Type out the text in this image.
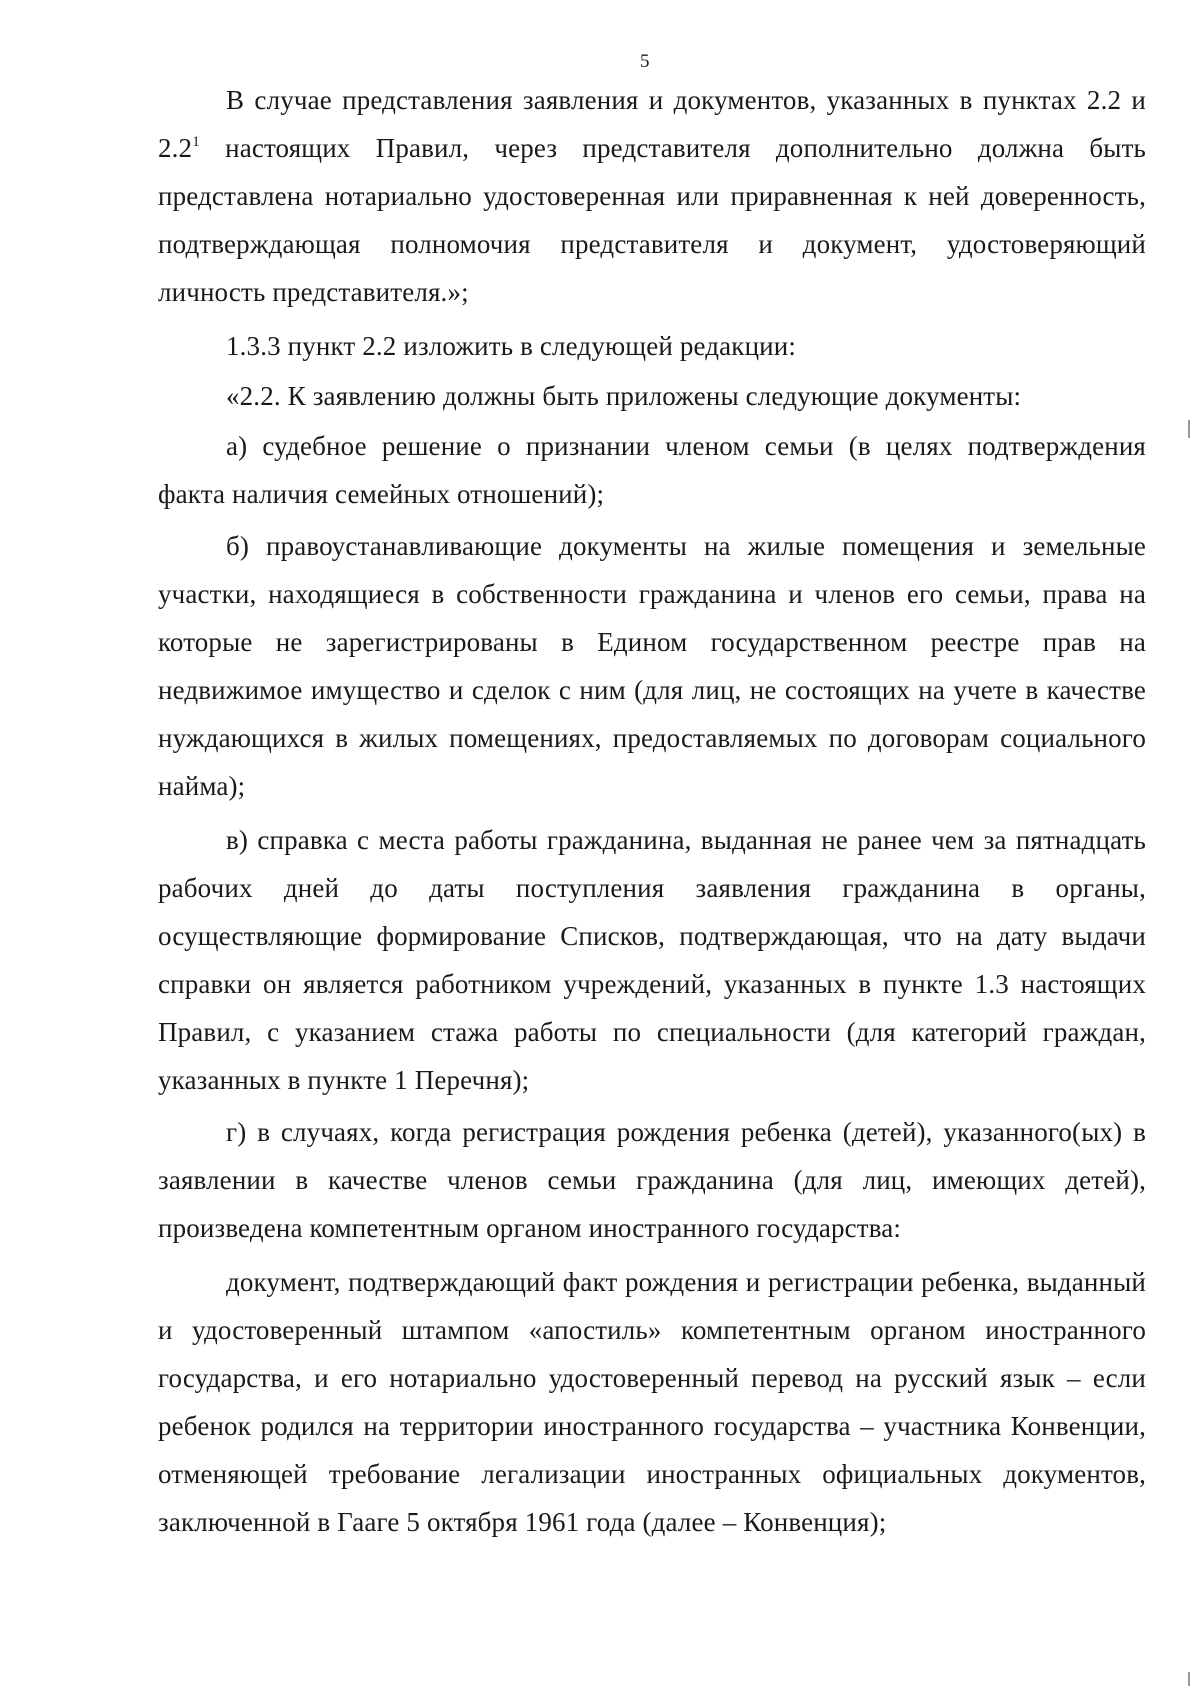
5

В случае представления заявления и документов, указанных в пунктах 2.2 и $2.2^1$ настоящих Правил, через представителя дополнительно должна быть представлена нотариально удостоверенная или приравненная к ней доверенность, подтверждающая полномочия представителя и документ, удостоверяющий личность представителя.»;

1.3.3 пункт 2.2 изложить в следующей редакции:

«2.2. К заявлению должны быть приложены следующие документы:

а) судебное решение о признании членом семьи (в целях подтверждения факта наличия семейных отношений);

б) правоустанавливающие документы на жилые помещения и земельные участки, находящиеся в собственности гражданина и членов его семьи, права на которые не зарегистрированы в Едином государственном реестре прав на недвижимое имущество и сделок с ним (для лиц, не состоящих на учете в качестве нуждающихся в жилых помещениях, предоставляемых по договорам социального найма);

в) справка с места работы гражданина, выданная не ранее чем за пятнадцать рабочих дней до даты поступления заявления гражданина в органы, осуществляющие формирование Списков, подтверждающая, что на дату выдачи справки он является работником учреждений, указанных в пункте 1.3 настоящих Правил, с указанием стажа работы по специальности (для категорий граждан, указанных в пункте 1 Перечня);

г) в случаях, когда регистрация рождения ребенка (детей), указанного(ых) в заявлении в качестве членов семьи гражданина (для лиц, имеющих детей), произведена компетентным органом иностранного государства:

документ, подтверждающий факт рождения и регистрации ребенка, выданный и удостоверенный штампом «апостиль» компетентным органом иностранного государства, и его нотариально удостоверенный перевод на русский язык – если ребенок родился на территории иностранного государства – участника Конвенции, отменяющей требование легализации иностранных официальных документов, заключенной в Гааге 5 октября 1961 года (далее – Конвенция);
